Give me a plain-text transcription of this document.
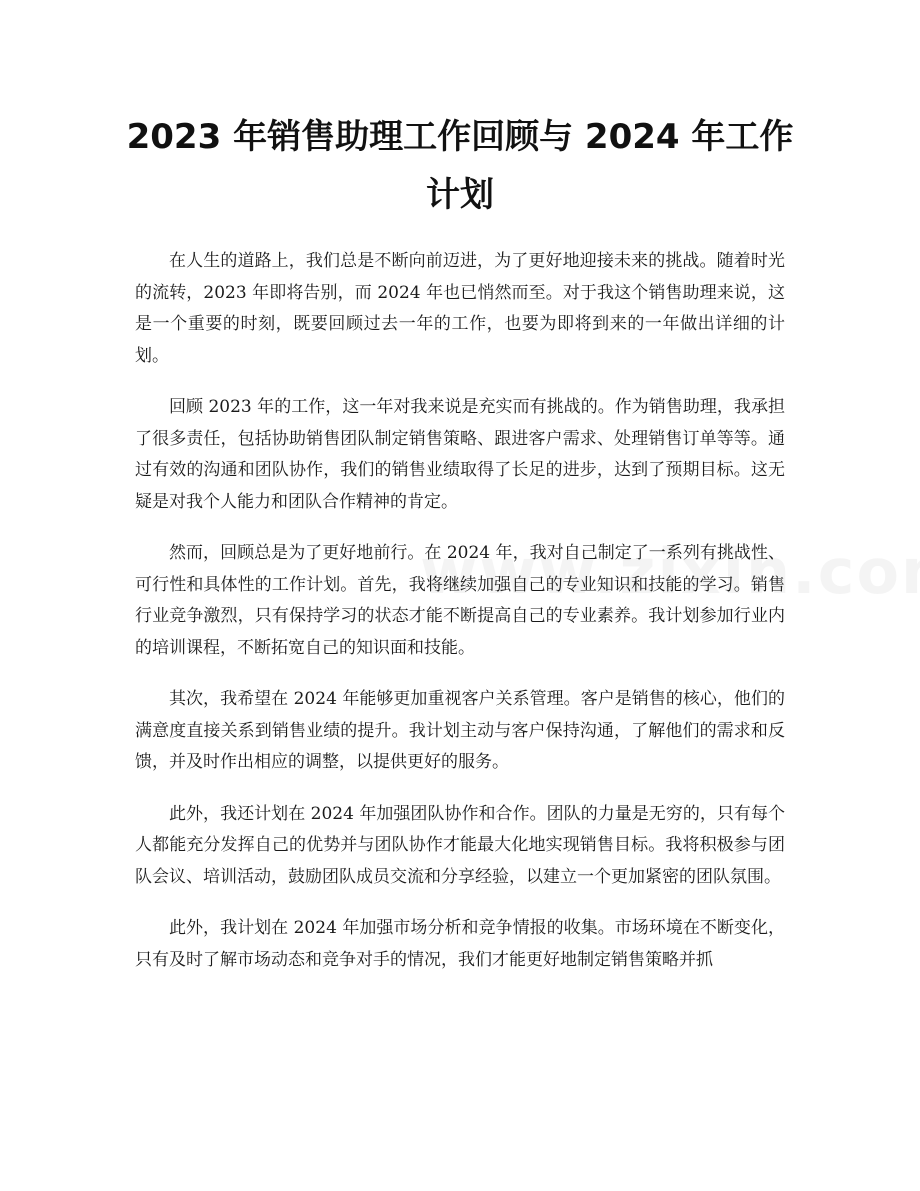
2023 年销售助理工作回顾与 2024 年工作计划

在人生的道路上，我们总是不断向前迈进，为了更好地迎接未来的挑战。随着时光的流转，2023 年即将告别，而 2024 年也已悄然而至。对于我这个销售助理来说，这是一个重要的时刻，既要回顾过去一年的工作，也要为即将到来的一年做出详细的计划。

回顾 2023 年的工作，这一年对我来说是充实而有挑战的。作为销售助理，我承担了很多责任，包括协助销售团队制定销售策略、跟进客户需求、处理销售订单等等。通过有效的沟通和团队协作，我们的销售业绩取得了长足的进步，达到了预期目标。这无疑是对我个人能力和团队合作精神的肯定。

然而，回顾总是为了更好地前行。在 2024 年，我对自己制定了一系列有挑战性、可行性和具体性的工作计划。首先，我将继续加强自己的专业知识和技能的学习。销售行业竞争激烈，只有保持学习的状态才能不断提高自己的专业素养。我计划参加行业内的培训课程，不断拓宽自己的知识面和技能。

其次，我希望在 2024 年能够更加重视客户关系管理。客户是销售的核心，他们的满意度直接关系到销售业绩的提升。我计划主动与客户保持沟通，了解他们的需求和反馈，并及时作出相应的调整，以提供更好的服务。

此外，我还计划在 2024 年加强团队协作和合作。团队的力量是无穷的，只有每个人都能充分发挥自己的优势并与团队协作才能最大化地实现销售目标。我将积极参与团队会议、培训活动，鼓励团队成员交流和分享经验，以建立一个更加紧密的团队氛围。

此外，我计划在 2024 年加强市场分析和竞争情报的收集。市场环境在不断变化，只有及时了解市场动态和竞争对手的情况，我们才能更好地制定销售策略并抓
